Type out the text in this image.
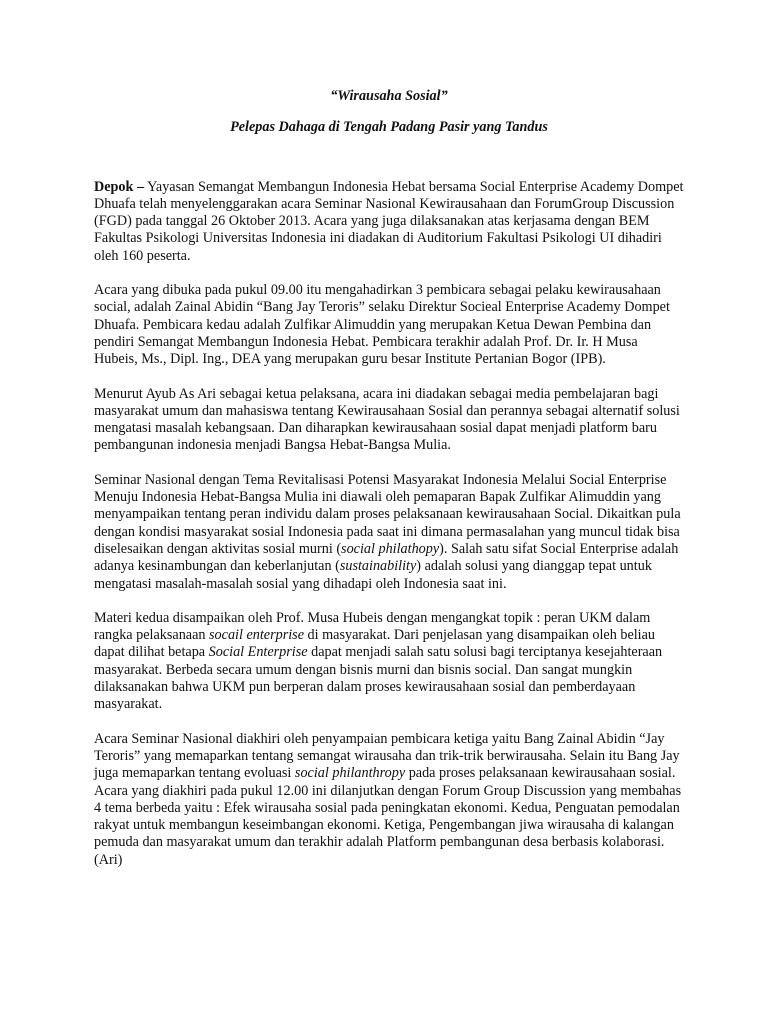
“Wirausaha Sosial”

Pelepas Dahaga di Tengah Padang Pasir yang Tandus

Depok – Yayasan Semangat Membangun Indonesia Hebat bersama Social Enterprise Academy Dompet Dhuafa telah menyelenggarakan acara Seminar Nasional Kewirausahaan dan ForumGroup Discussion (FGD) pada tanggal 26 Oktober 2013. Acara yang juga dilaksanakan atas kerjasama dengan BEM Fakultas Psikologi Universitas Indonesia ini diadakan di Auditorium Fakultasi Psikologi UI dihadiri oleh 160 peserta.

Acara yang dibuka pada pukul 09.00 itu mengahadirkan 3 pembicara sebagai pelaku kewirausahaan social, adalah Zainal Abidin “Bang Jay Teroris” selaku Direktur Socieal Enterprise Academy Dompet Dhuafa. Pembicara kedau adalah Zulfikar Alimuddin yang merupakan Ketua Dewan Pembina dan pendiri Semangat Membangun Indonesia Hebat. Pembicara terakhir adalah Prof. Dr. Ir. H Musa Hubeis, Ms., Dipl. Ing., DEA yang merupakan guru besar Institute Pertanian Bogor (IPB).

Menurut Ayub As Ari sebagai ketua pelaksana, acara ini diadakan sebagai media pembelajaran bagi masyarakat umum dan mahasiswa tentang Kewirausahaan Sosial dan perannya sebagai alternatif solusi mengatasi masalah kebangsaan. Dan diharapkan kewirausahaan sosial dapat menjadi platform baru pembangunan indonesia menjadi Bangsa Hebat-Bangsa Mulia.

Seminar Nasional dengan Tema Revitalisasi Potensi Masyarakat Indonesia Melalui Social Enterprise Menuju Indonesia Hebat-Bangsa Mulia ini diawali oleh pemaparan Bapak Zulfikar Alimuddin yang menyampaikan tentang peran individu dalam proses pelaksanaan kewirausahaan Social. Dikaitkan pula dengan kondisi masyarakat sosial Indonesia pada saat ini dimana permasalahan yang muncul tidak bisa diselesaikan dengan aktivitas sosial murni (social philathopy). Salah satu sifat Social Enterprise adalah adanya kesinambungan dan keberlanjutan (sustainability) adalah solusi yang dianggap tepat untuk mengatasi masalah-masalah sosial yang dihadapi oleh Indonesia saat ini.

Materi kedua disampaikan oleh Prof. Musa Hubeis dengan mengangkat topik : peran UKM dalam rangka pelaksanaan socail enterprise di masyarakat. Dari penjelasan yang disampaikan oleh beliau dapat dilihat betapa Social Enterprise dapat menjadi salah satu solusi bagi terciptanya kesejahteraan masyarakat. Berbeda secara umum dengan bisnis murni dan bisnis social. Dan sangat mungkin dilaksanakan bahwa UKM pun berperan dalam proses kewirausahaan sosial dan pemberdayaan masyarakat.

Acara Seminar Nasional diakhiri oleh penyampaian pembicara ketiga yaitu Bang Zainal Abidin “Jay Teroris” yang memaparkan tentang semangat wirausaha dan trik-trik berwirausaha. Selain itu Bang Jay juga memaparkan tentang evoluasi social philanthropy pada proses pelaksanaan kewirausahaan sosial. Acara yang diakhiri pada pukul 12.00 ini dilanjutkan dengan Forum Group Discussion yang membahas 4 tema berbeda yaitu : Efek wirausaha sosial pada peningkatan ekonomi. Kedua, Penguatan pemodalan rakyat untuk membangun keseimbangan ekonomi. Ketiga, Pengembangan jiwa wirausaha di kalangan pemuda dan masyarakat umum dan terakhir adalah Platform pembangunan desa berbasis kolaborasi. (Ari)
